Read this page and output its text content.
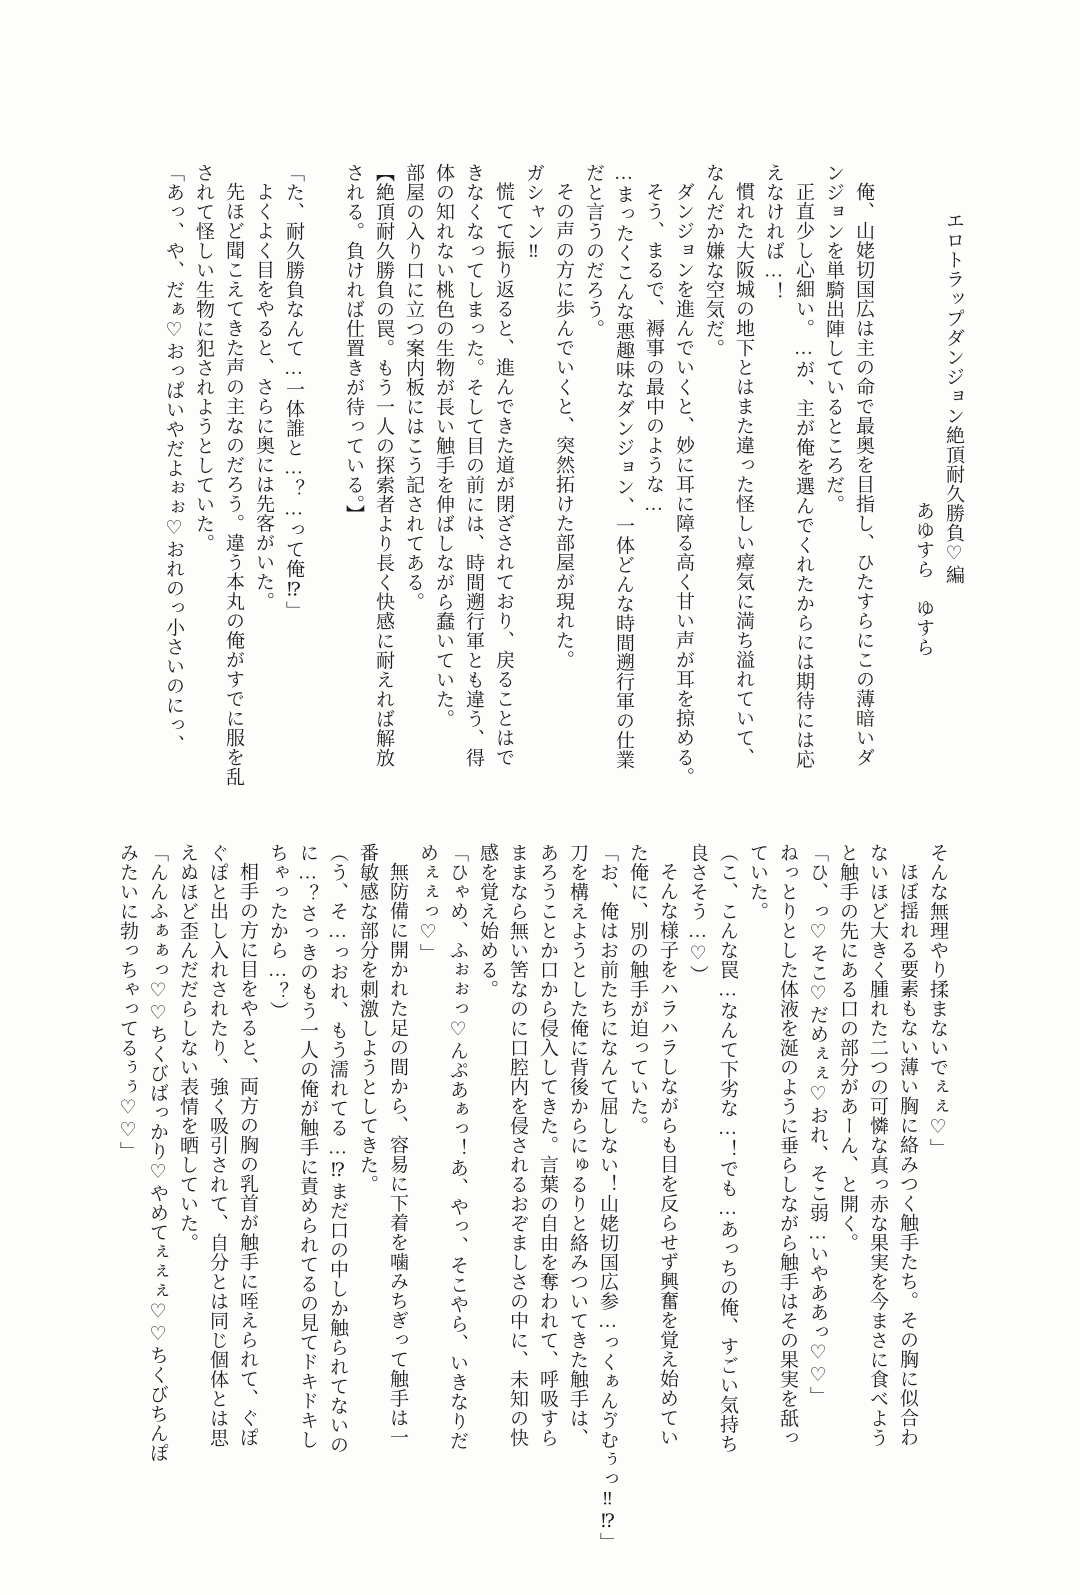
エロトラップダンジョン絶頂耐久勝負♡編
あゆすら　ゆすら
俺、山姥切国広は主の命で最奥を目指し、ひたすらにこの薄暗いダ
ンジョンを単騎出陣しているところだ。
正直少し心細い。…が、主が俺を選んでくれたからには期待には応
えなければ…！
慣れた大阪城の地下とはまた違った怪しい瘴気に満ち溢れていて、
なんだか嫌な空気だ。
ダンジョンを進んでいくと、妙に耳に障る高く甘い声が耳を掠める。
そう、まるで、褥事の最中のような…
…まったくこんな悪趣味なダンジョン、一体どんな時間遡行軍の仕業
だと言うのだろう。
その声の方に歩んでいくと、突然拓けた部屋が現れた。
ガシャン‼
慌てて振り返ると、進んできた道が閉ざされており、戻ることはで
きなくなってしまった。そして目の前には、時間遡行軍とも違う、得
体の知れない桃色の生物が長い触手を伸ばしながら蠢いていた。
部屋の入り口に立つ案内板にはこう記されてある。
【絶頂耐久勝負の罠。もう一人の探索者より長く快感に耐えれば解放
される。負ければ仕置きが待っている。】
「た、耐久勝負なんて…一体誰と…？…って俺⁉」
よくよく目をやると、さらに奥には先客がいた。
先ほど聞こえてきた声の主なのだろう。違う本丸の俺がすでに服を乱
されて怪しい生物に犯されようとしていた。
「あっ、や、だぁ♡おっぱいやだよぉぉ♡おれのっ小さいのにっ、
そんな無理やり揉まないでぇぇ♡」
ほぼ揺れる要素もない薄い胸に絡みつく触手たち。その胸に似合わ
ないほど大きく腫れた二つの可憐な真っ赤な果実を今まさに食べよう
と触手の先にある口の部分があーん、と開く。
「ひ、っ♡そこ♡だめぇぇ♡おれ、そこ弱…いやああっ♡♡」
ねっとりとした体液を涎のように垂らしながら触手はその果実を舐っ
ていた。
（こ、こんな罠…なんて下劣な…！でも…あっちの俺、すごい気持ち
良さそう…♡）
そんな様子をハラハラしながらも目を反らせず興奮を覚え始めてい
た俺に、別の触手が迫っていた。
「お、俺はお前たちになんて屈しない！山姥切国広参…っくぁんゔむぅっ‼⁉」
刀を構えようとした俺に背後からにゅるりと絡みついてきた触手は、
あろうことか口から侵入してきた。言葉の自由を奪われて、呼吸すら
ままなら無い筈なのに口腔内を侵されるおぞましさの中に、未知の快
感を覚え始める。
「ひゃめ、ふぉぉっ♡んぷあぁっ！あ、やっ、そこやら、いきなりだ
めぇぇっ♡」
無防備に開かれた足の間から、容易に下着を噛みちぎって触手は一
番敏感な部分を刺激しようとしてきた。
（う、そ…っおれ、もう濡れてる…⁉まだ口の中しか触られてないの
に…？さっきのもう一人の俺が触手に責められてるの見てドキドキし
ちゃったから…？）
相手の方に目をやると、両方の胸の乳首が触手に咥えられて、ぐぽ
ぐぽと出し入れされたり、強く吸引されて、自分とは同じ個体とは思
えぬほど歪んだだらしない表情を晒していた。
「んんふぁぁっ♡♡ちくびばっかり♡やめてぇぇぇ♡♡ちくびちんぽ
みたいに勃っちゃってるぅぅ♡♡」
